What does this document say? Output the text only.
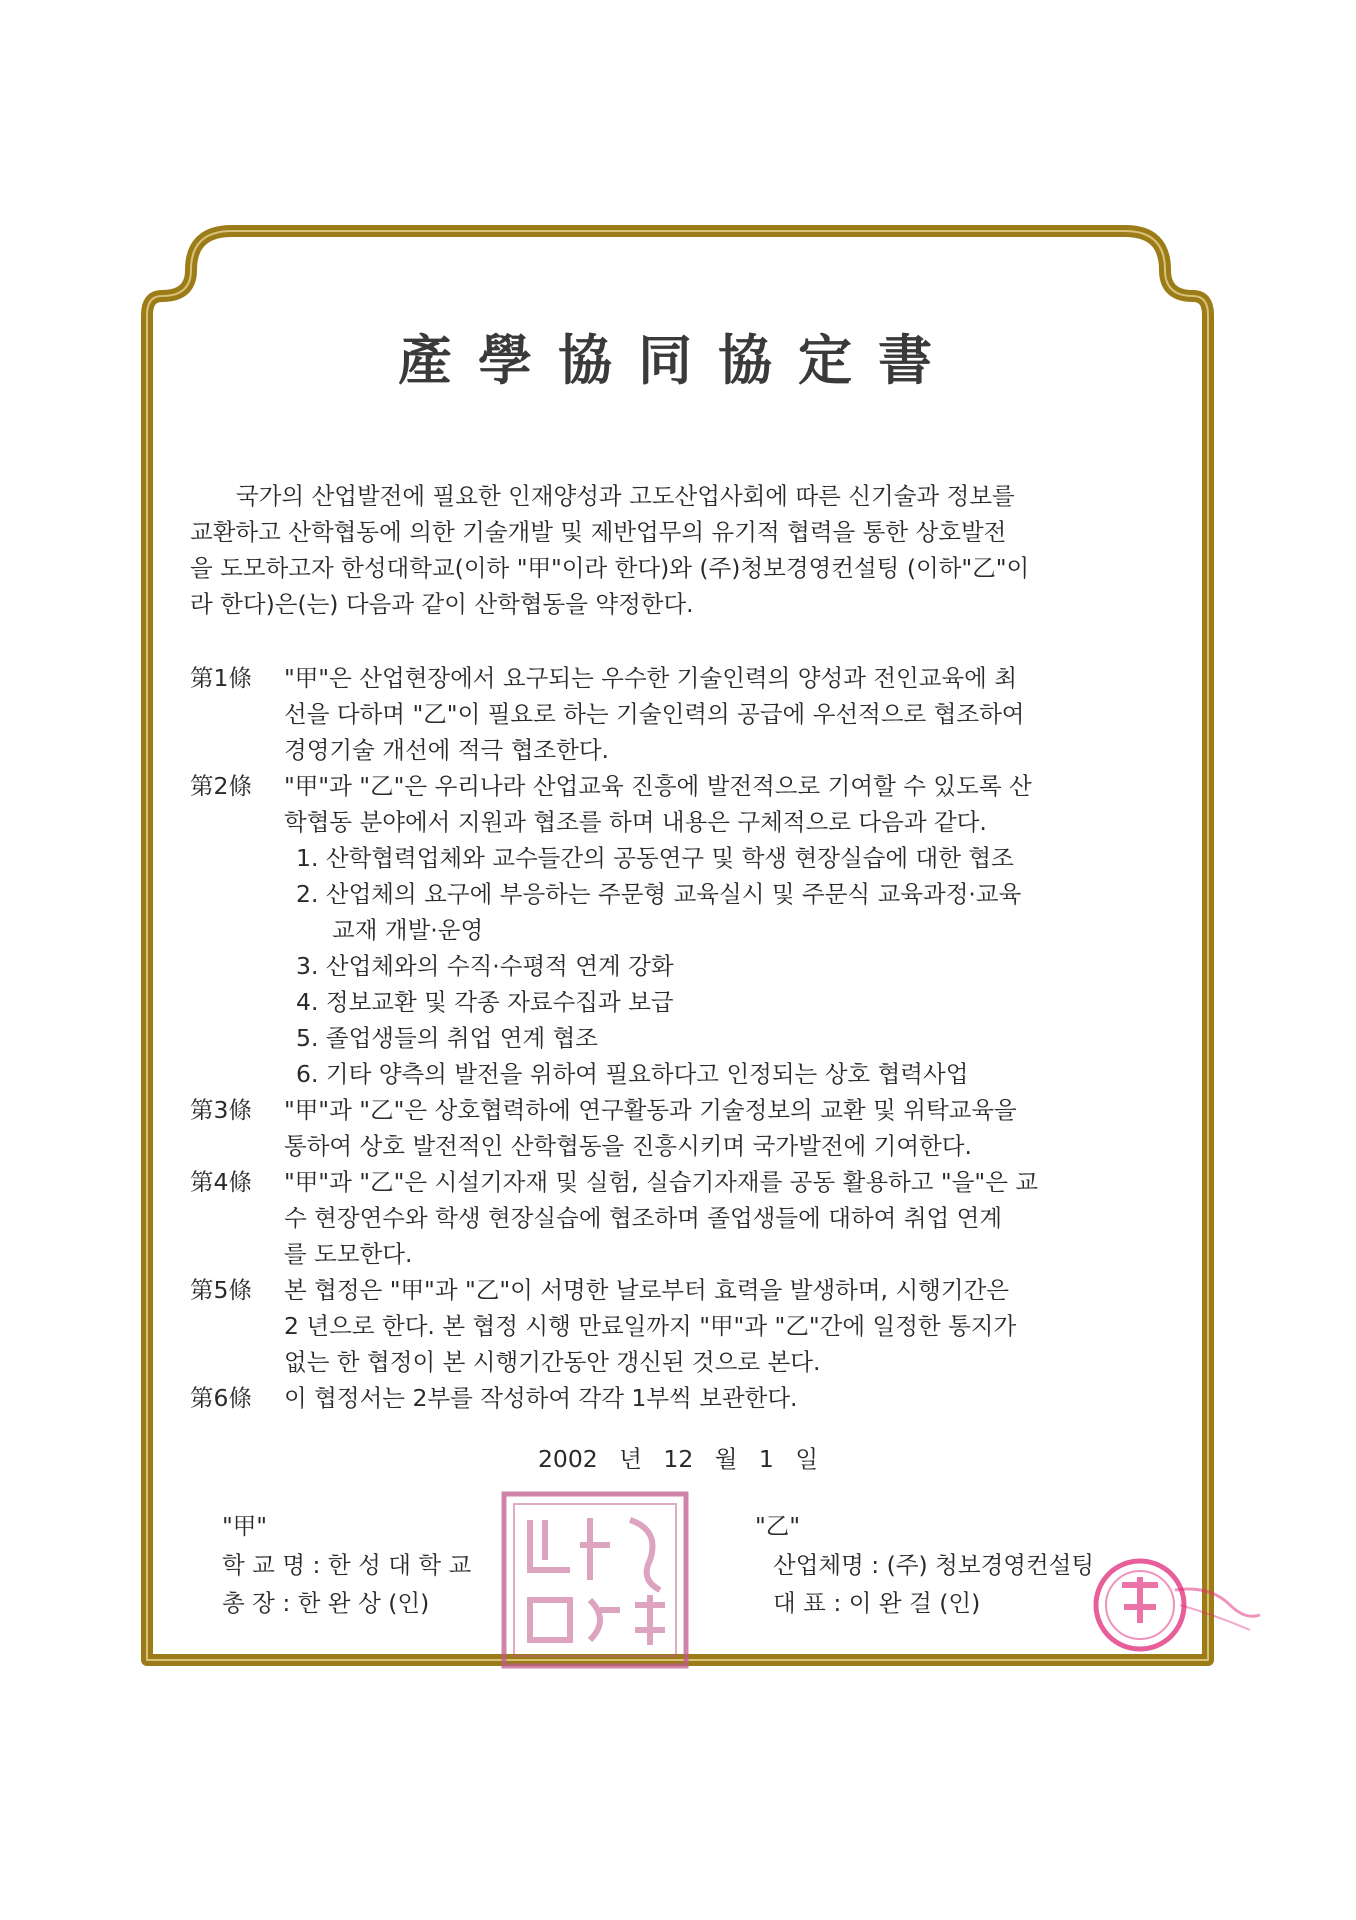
產學協同協定書
국가의 산업발전에 필요한 인재양성과 고도산업사회에 따른 신기술과 정보를
교환하고 산학협동에 의한 기술개발 및 제반업무의 유기적 협력을 통한 상호발전
을 도모하고자 한성대학교(이하 "甲"이라 한다)와 (주)청보경영컨설팅 (이하"乙"이
라 한다)은(는) 다음과 같이 산학협동을 약정한다.
第1條 "甲"은 산업현장에서 요구되는 우수한 기술인력의 양성과 전인교육에 최
선을 다하며 "乙"이 필요로 하는 기술인력의 공급에 우선적으로 협조하여
경영기술 개선에 적극 협조한다.
第2條 "甲"과 "乙"은 우리나라 산업교육 진흥에 발전적으로 기여할 수 있도록 산
학협동 분야에서 지원과 협조를 하며 내용은 구체적으로 다음과 같다.
1. 산학협력업체와 교수들간의 공동연구 및 학생 현장실습에 대한 협조
2. 산업체의 요구에 부응하는 주문형 교육실시 및 주문식 교육과정·교육
교재 개발·운영
3. 산업체와의 수직·수평적 연계 강화
4. 정보교환 및 각종 자료수집과 보급
5. 졸업생들의 취업 연계 협조
6. 기타 양측의 발전을 위하여 필요하다고 인정되는 상호 협력사업
第3條 "甲"과 "乙"은 상호협력하에 연구활동과 기술정보의 교환 및 위탁교육을
통하여 상호 발전적인 산학협동을 진흥시키며 국가발전에 기여한다.
第4條 "甲"과 "乙"은 시설기자재 및 실험, 실습기자재를 공동 활용하고 "을"은 교
수 현장연수와 학생 현장실습에 협조하며 졸업생들에 대하여 취업 연계
를 도모한다.
第5條 본 협정은 "甲"과 "乙"이 서명한 날로부터 효력을 발생하며, 시행기간은
2 년으로 한다. 본 협정 시행 만료일까지 "甲"과 "乙"간에 일정한 통지가
없는 한 협정이 본 시행기간동안 갱신된 것으로 본다.
第6條 이 협정서는 2부를 작성하여 각각 1부씩 보관한다.
2002 년 12 월 1 일
"甲"
학 교 명 : 한 성 대 학 교
총 장 : 한 완 상 (인)
"乙"
산업체명 : (주) 청보경영컨설팅
대 표 : 이 완 걸 (인)
